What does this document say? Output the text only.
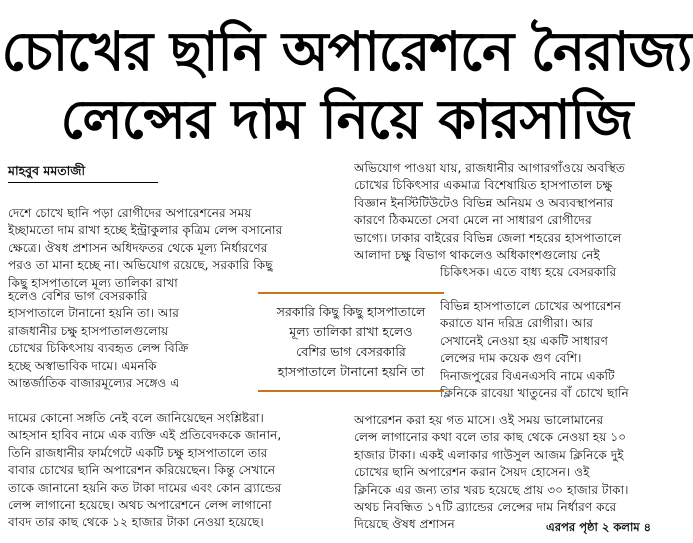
চোখের ছানি অপারেশনে নৈরাজ্য
লেন্সের দাম নিয়ে কারসাজি
মাহবুব মমতাজী
দেশে চোখে ছানি পড়া রোগীদের অপারেশনের সময়
ইচ্ছামতো দাম রাখা হচ্ছে ইন্ট্রাকুলার কৃত্রিম লেন্স বসানোর
ক্ষেত্রে। ঔষধ প্রশাসন অধিদফতর থেকে মূল্য নির্ধারণের
পরও তা মানা হচ্ছে না। অভিযোগ রয়েছে, সরকারি কিছু
কিছু হাসপাতালে মূল্য তালিকা রাখা
হলেও বেশির ভাগ বেসরকারি
হাসপাতালে টানানো হয়নি তা। আর
রাজধানীর চক্ষু হাসপাতালগুলোয়
চোখের চিকিৎসায় ব্যবহৃত লেন্স বিক্রি
হচ্ছে অস্বাভাবিক দামে। এমনকি
আন্তর্জাতিক বাজারমূল্যের সঙ্গেও এ
দামের কোনো সঙ্গতি নেই বলে জানিয়েছেন সংশ্লিষ্টরা।
আহসান হাবিব নামে এক ব্যক্তি এই প্রতিবেদককে জানান,
তিনি রাজধানীর ফার্মগেটে একটি চক্ষু হাসপাতালে তার
বাবার চোখের ছানি অপারেশন করিয়েছেন। কিন্তু সেখানে
তাকে জানানো হয়নি কত টাকা দামের এবং কোন ব্র্যান্ডের
লেন্স লাগানো হয়েছে। অথচ অপারেশনে লেন্স লাগানো
বাবদ তার কাছ থেকে ১২ হাজার টাকা নেওয়া হয়েছে।
অভিযোগ পাওয়া যায়, রাজধানীর আগারগাঁওয়ে অবস্থিত
চোখের চিকিৎসার একমাত্র বিশেষায়িত হাসপাতাল চক্ষু
বিজ্ঞান ইনস্টিটিউটেও বিভিন্ন অনিয়ম ও অব্যবস্থাপনার
কারণে ঠিকমতো সেবা মেলে না সাধারণ রোগীদের
ভাগ্যে। ঢাকার বাইরের বিভিন্ন জেলা শহরের হাসপাতালে
আলাদা চক্ষু বিভাগ থাকলেও অধিকাংশগুলোয় নেই
চিকিৎসক। এতে বাধ্য হয়ে বেসরকারি
বিভিন্ন হাসপাতালে চোখের অপারেশন
করাতে যান দরিদ্র রোগীরা। আর
সেখানেই নেওয়া হয় একটি সাধারণ
লেন্সের দাম কয়েক গুণ বেশি।
দিনাজপুরের বিএনএসবি নামে একটি
ক্লিনিকে রাবেয়া খাতুনের বাঁ চোখে ছানি
সরকারি কিছু কিছু হাসপাতালে
মূল্য তালিকা রাখা হলেও
বেশির ভাগ বেসরকারি
হাসপাতালে টানানো হয়নি তা
অপারেশন করা হয় গত মাসে। ওই সময় ভালোমানের
লেন্স লাগানোর কথা বলে তার কাছ থেকে নেওয়া হয় ১০
হাজার টাকা। একই এলাকার গাউসুল আজম ক্লিনিকে দুই
চোখের ছানি অপারেশন করান সৈয়দ হোসেন। ওই
ক্লিনিকে এর জন্য তার খরচ হয়েছে প্রায় ৩০ হাজার টাকা।
অথচ নিবন্ধিত ১৭টি ব্র্যান্ডের লেন্সের দাম নির্ধারণ করে
দিয়েছে ঔষধ প্রশাসন	এরপর পৃষ্ঠা ২ কলাম ৪
